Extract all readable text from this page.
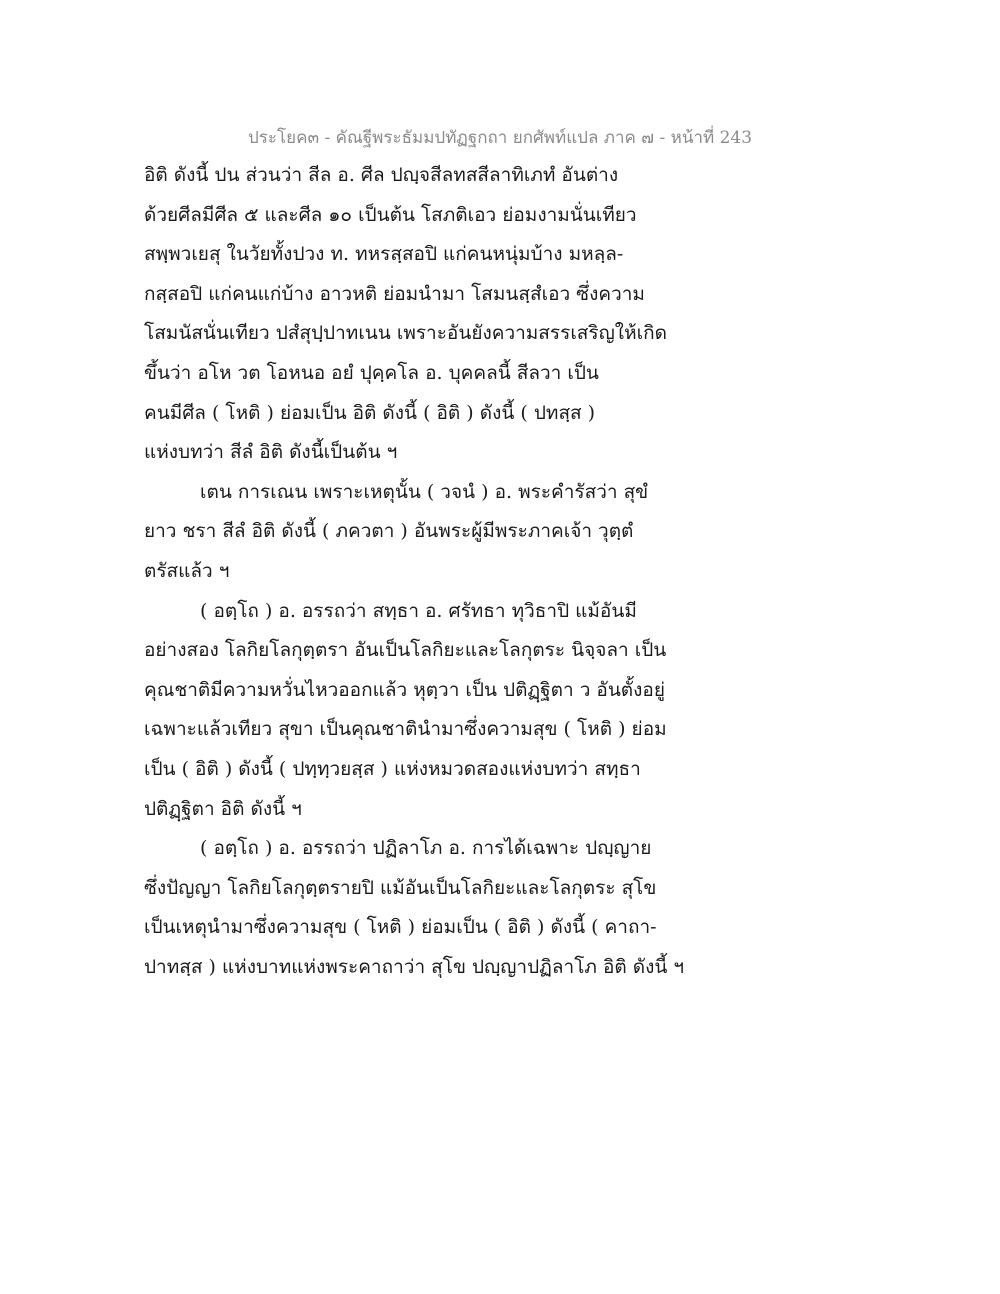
ประโยค๓ - คัณฐีพระธัมมปทัฏฐกถา ยกศัพท์แปล ภาค ๗ - หน้าที่ 243
อิติ ดังนี้ ปน ส่วนว่า สีล อ. ศีล ปญฺจสีลทสสีลาทิเภทํ อันต่าง
ด้วยศีลมีศีล ๕ และศีล ๑๐ เป็นต้น โสภติเอว ย่อมงามนั่นเทียว
สพฺพวเยสุ ในวัยทั้งปวง ท. ทหรสฺสอปิ แก่คนหนุ่มบ้าง มหลฺล-
กสฺสอปิ แก่คนแก่บ้าง อาวหติ ย่อมนำมา โสมนสฺสํเอว ซึ่งความ
โสมนัสนั่นเทียว ปสํสุปฺปาทเนน เพราะอันยังความสรรเสริญให้เกิด
ขึ้นว่า อโห วต โอหนอ อยํ ปุคฺคโล อ. บุคคลนี้ สีลวา เป็น
คนมีศีล ( โหติ ) ย่อมเป็น อิติ ดังนี้ ( อิติ ) ดังนี้ ( ปทสฺส )
แห่งบทว่า สีลํ อิติ ดังนี้เป็นต้น ฯ
เตน การเณน เพราะเหตุนั้น ( วจนํ ) อ. พระคำรัสว่า สุขํ
ยาว ชรา สีลํ อิติ ดังนี้ ( ภควตา ) อันพระผู้มีพระภาคเจ้า วุตฺตํ
ตรัสแล้ว ฯ
( อตฺโถ ) อ. อรรถว่า สทฺธา อ. ศรัทธา ทุวิธาปิ แม้อันมี
อย่างสอง โลกิยโลกุตฺตรา อันเป็นโลกิยะและโลกุตระ นิจฺจลา เป็น
คุณชาติมีความหวั่นไหวออกแล้ว หุตฺวา เป็น ปติฏฺฐิตา ว อันตั้งอยู่
เฉพาะแล้วเทียว สุขา เป็นคุณชาตินำมาซึ่งความสุข ( โหติ ) ย่อม
เป็น ( อิติ ) ดังนี้ ( ปทฺทฺวยสฺส ) แห่งหมวดสองแห่งบทว่า สทฺธา
ปติฏฺฐิตา อิติ ดังนี้ ฯ
( อตฺโถ ) อ. อรรถว่า ปฏิลาโภ อ. การได้เฉพาะ ปญฺญาย
ซึ่งปัญญา โลกิยโลกุตฺตรายปิ แม้อันเป็นโลกิยะและโลกุตระ สุโข
เป็นเหตุนำมาซึ่งความสุข ( โหติ ) ย่อมเป็น ( อิติ ) ดังนี้ ( คาถา-
ปาทสฺส ) แห่งบาทแห่งพระคาถาว่า สุโข ปญฺญาปฏิลาโภ อิติ ดังนี้ ฯ
